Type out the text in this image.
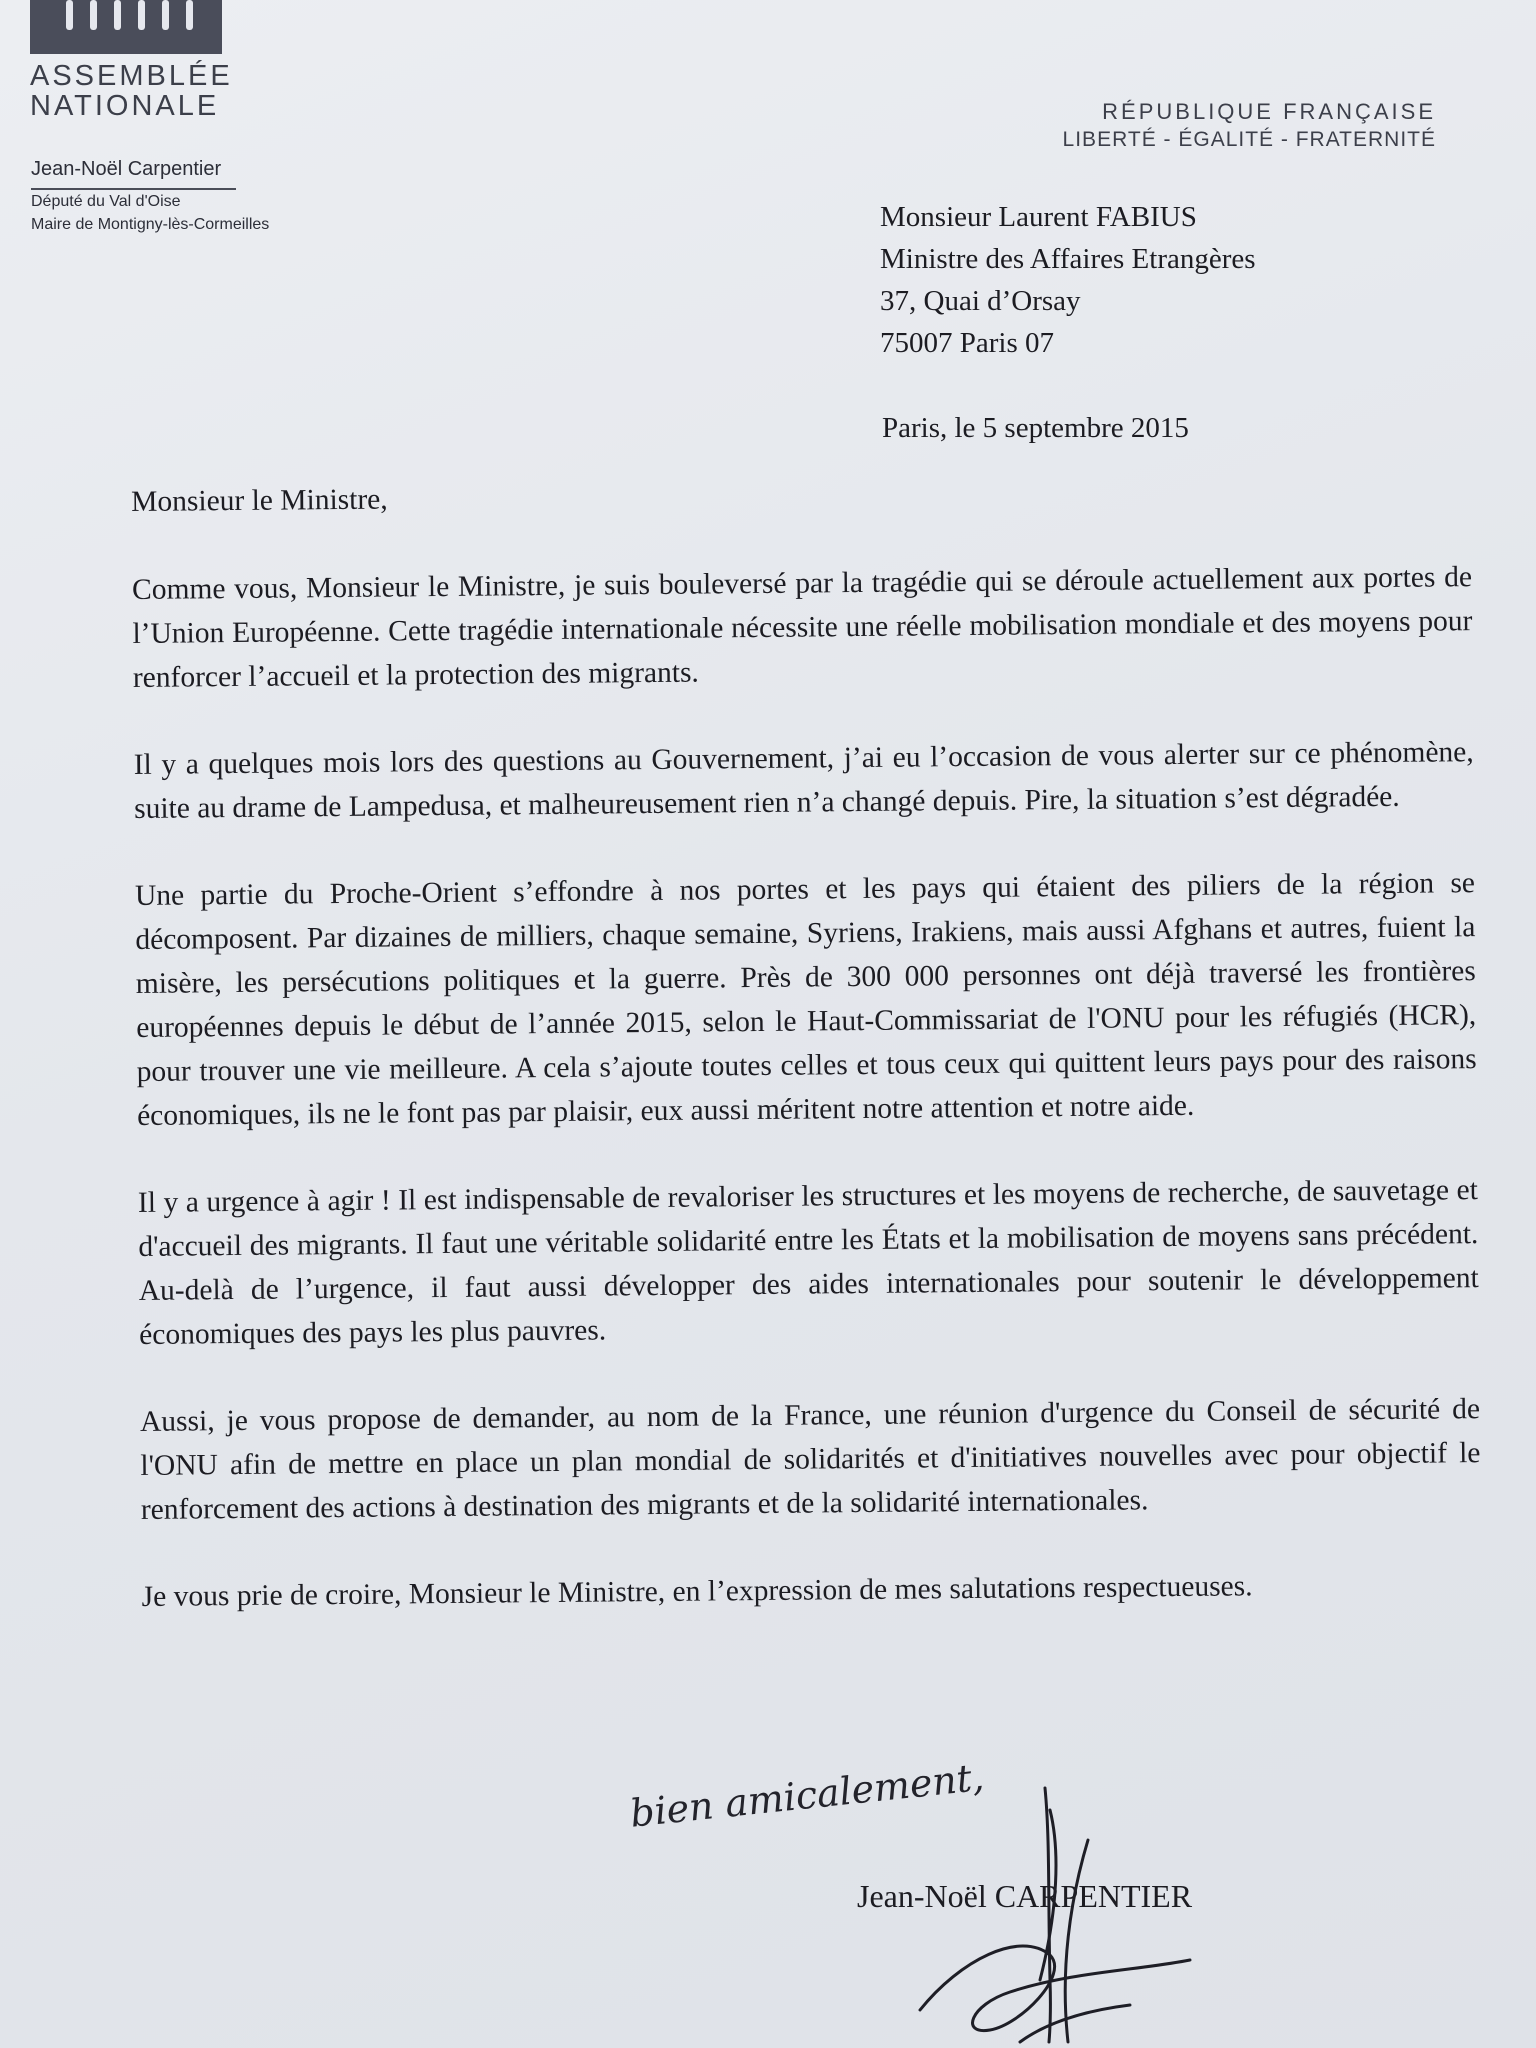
ASSEMBLÉE
NATIONALE
Jean-Noël Carpentier
Député du Val d'Oise
Maire de Montigny-lès-Cormeilles
RÉPUBLIQUE FRANÇAISE
LIBERTÉ - ÉGALITÉ - FRATERNITÉ
Monsieur Laurent FABIUS
Ministre des Affaires Etrangères
37, Quai d’Orsay
75007 Paris 07
Paris, le 5 septembre 2015

Monsieur le Ministre,

Comme vous, Monsieur le Ministre, je suis bouleversé par la tragédie qui se déroule actuellement aux portes de l’Union Européenne. Cette tragédie internationale nécessite une réelle mobilisation mondiale et des moyens pour renforcer l’accueil et la protection des migrants.

Il y a quelques mois lors des questions au Gouvernement, j’ai eu l’occasion de vous alerter sur ce phénomène, suite au drame de Lampedusa, et malheureusement rien n’a changé depuis. Pire, la situation s’est dégradée.

Une partie du Proche-Orient s’effondre à nos portes et les pays qui étaient des piliers de la région se décomposent. Par dizaines de milliers, chaque semaine, Syriens, Irakiens, mais aussi Afghans et autres, fuient la misère, les persécutions politiques et la guerre. Près de 300 000 personnes ont déjà traversé les frontières européennes depuis le début de l’année 2015, selon le Haut-Commissariat de l'ONU pour les réfugiés (HCR), pour trouver une vie meilleure. A cela s’ajoute toutes celles et tous ceux qui quittent leurs pays pour des raisons économiques, ils ne le font pas par plaisir, eux aussi méritent notre attention et notre aide.

Il y a urgence à agir ! Il est indispensable de revaloriser les structures et les moyens de recherche, de sauvetage et d'accueil des migrants. Il faut une véritable solidarité entre les États et la mobilisation de moyens sans précédent. Au-delà de l’urgence, il faut aussi développer des aides internationales pour soutenir le développement économiques des pays les plus pauvres.

Aussi, je vous propose de demander, au nom de la France, une réunion d'urgence du Conseil de sécurité de l'ONU afin de mettre en place un plan mondial de solidarités et d'initiatives nouvelles avec pour objectif le renforcement des actions à destination des migrants et de la solidarité internationales.

Je vous prie de croire, Monsieur le Ministre, en l’expression de mes salutations respectueuses.

bien amicalement,
Jean-Noël CARPENTIER
